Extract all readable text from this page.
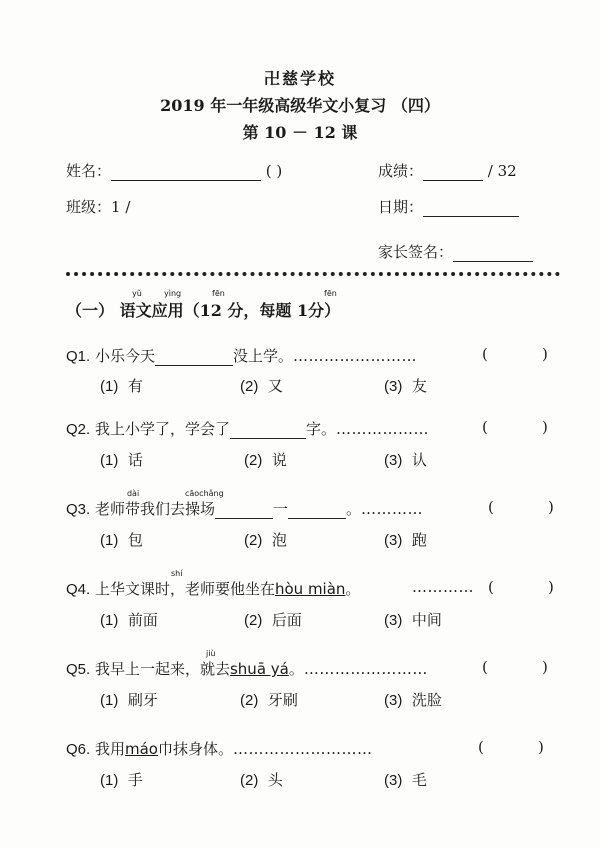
卍慈学校
2019 年一年级高级华文小复习 （四）
第 10 － 12 课
姓名：	( )	成绩：	/ 32
班级：1 /	日期：
家长签名：
（一） 语文应用（12 分，每题 1分）
yǔ	yìng	fēn	fēn
Q1. 小乐今天	没上学。……………………	(	)
(1) 有	(2) 又	(3) 友
Q2. 我上小学了，学会了	字。………………	(	)
(1) 话	(2) 说	(3) 认
Q3. 老师带我们去操场
dài	cāochǎng
一	。…………	(	)
(1) 包	(2) 泡	(3) 跑
Q4. 上华文课时，老师要他坐在
shí
hòu miàn。	………… (	)
(1) 前面	(2) 后面	(3) 中间
Q5. 我早上一起来，就去
jiù
shuā yá。……………………	(	)
(1) 刷牙	(2) 牙刷	(3) 洗脸
Q6. 我用máo巾抹身体。………………………	(	)
(1) 手	(2) 头	(3) 毛
